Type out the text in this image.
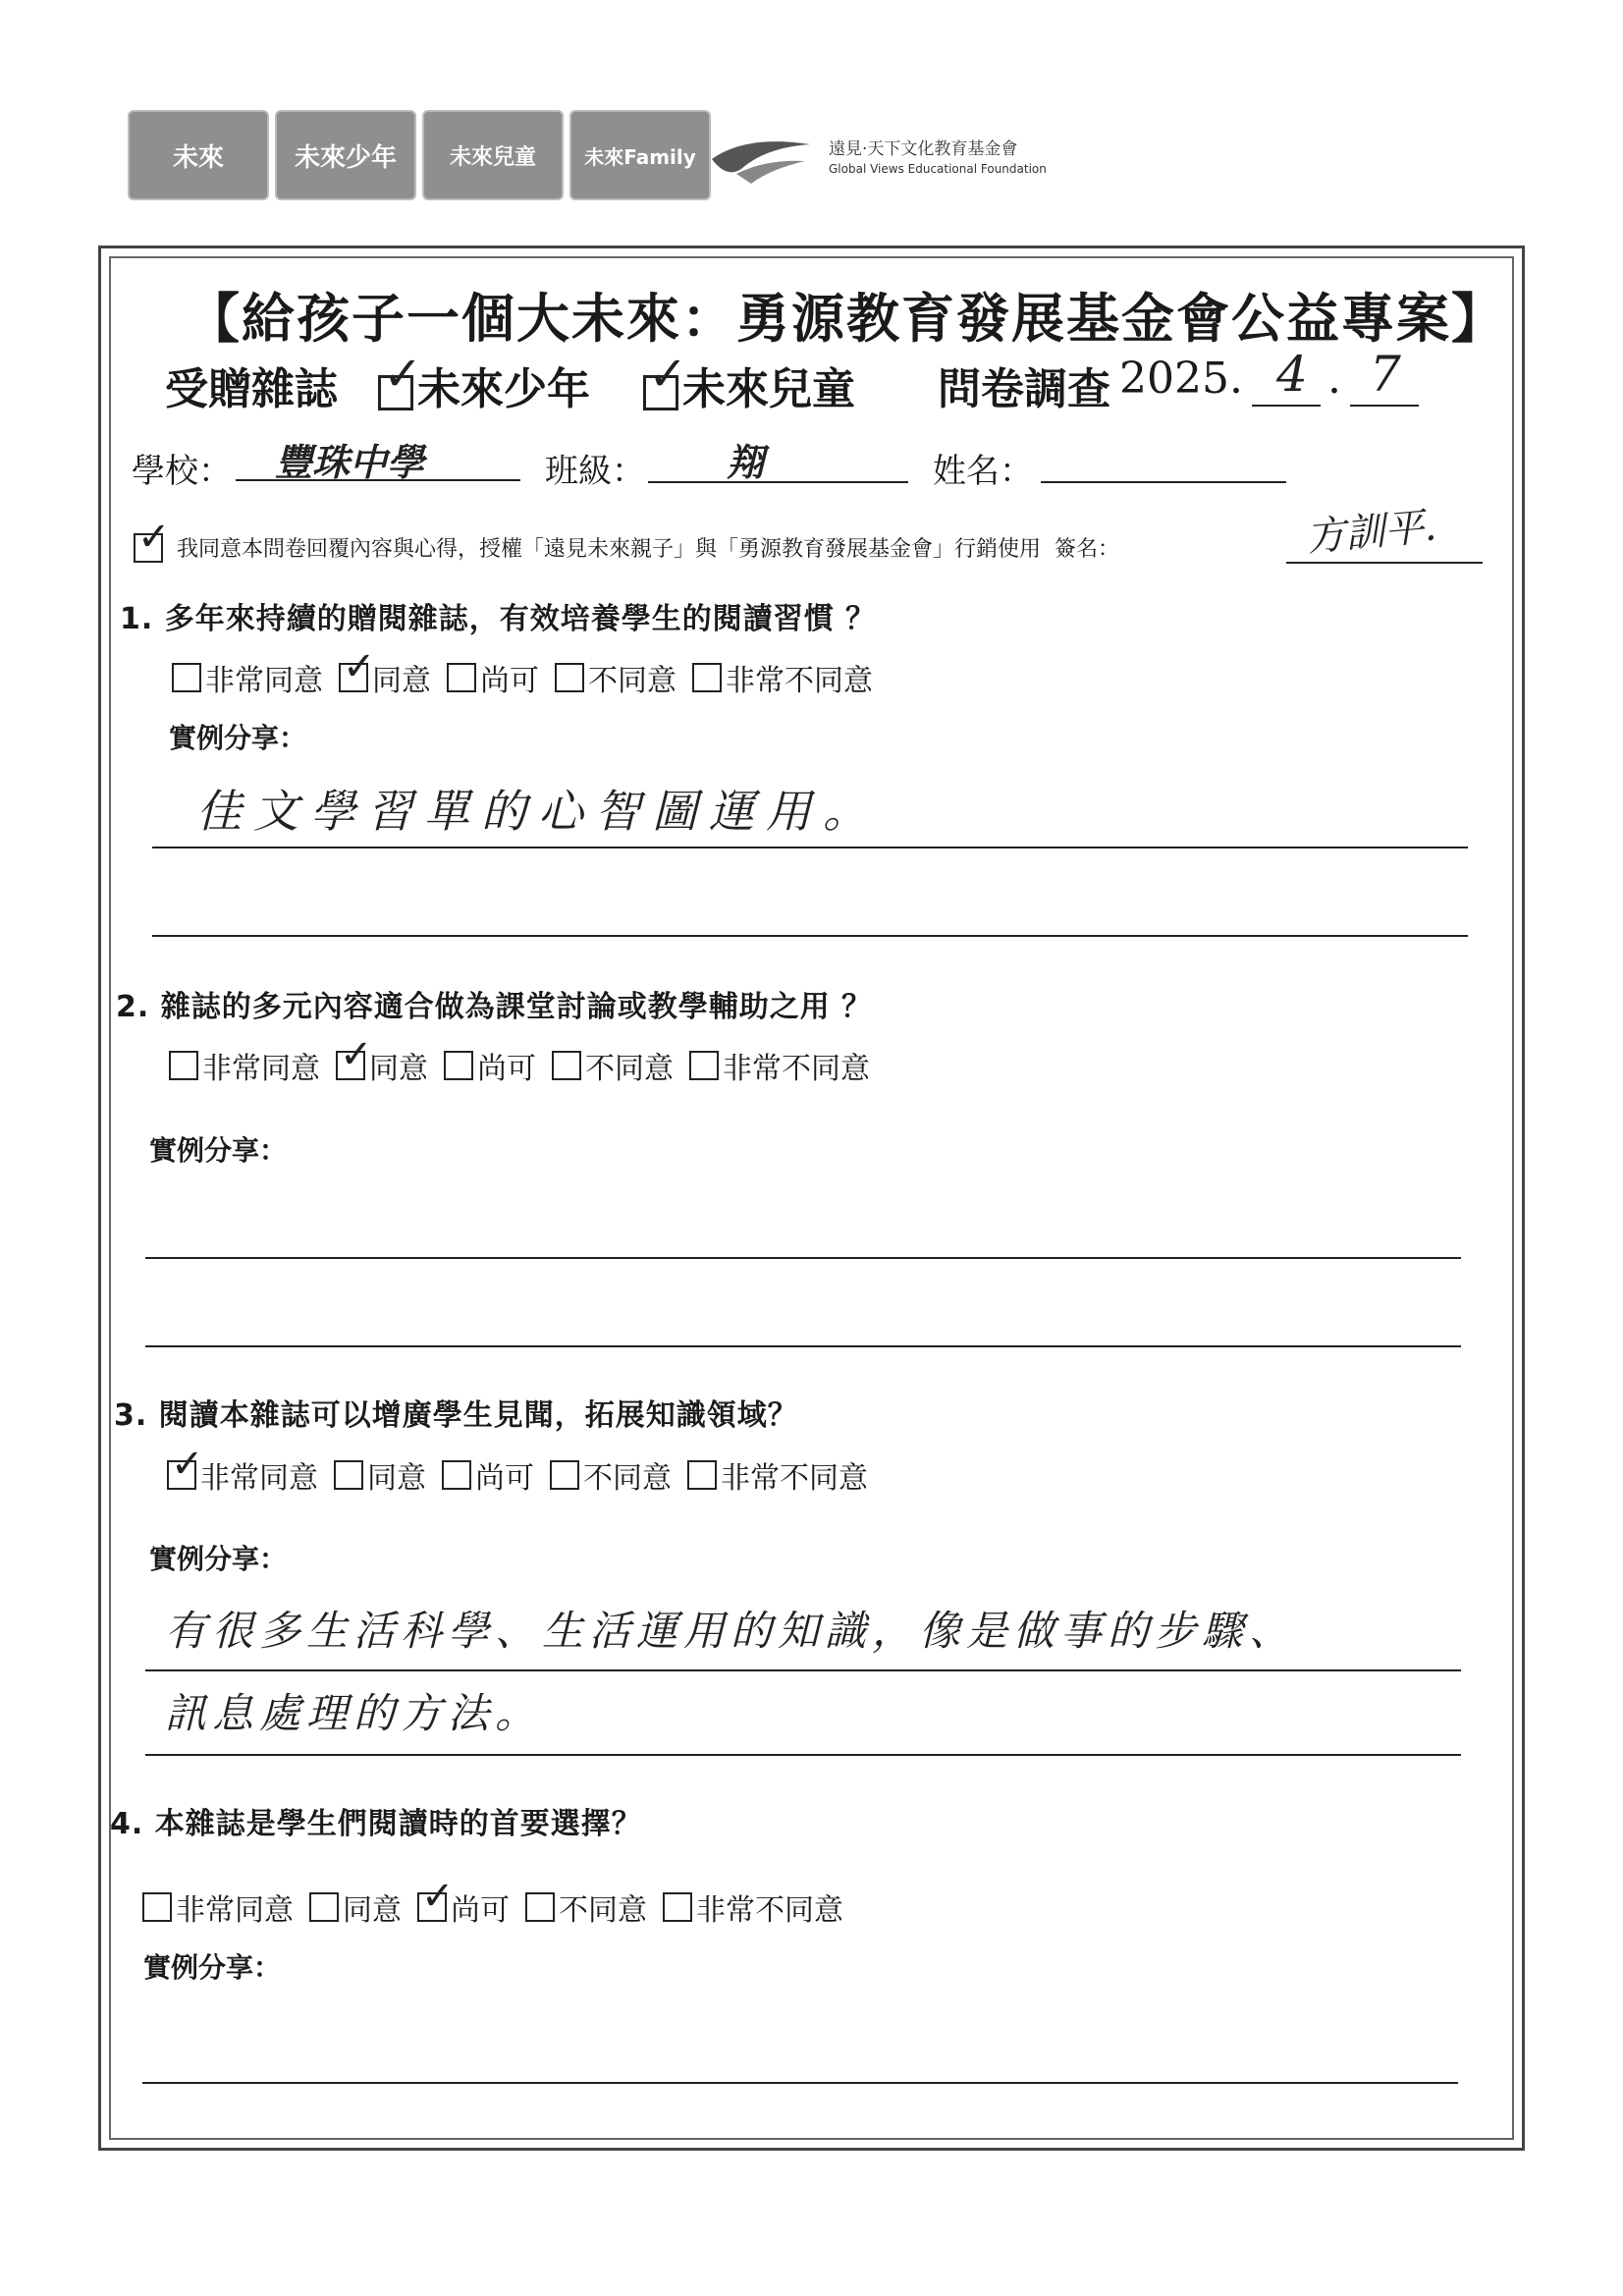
未來	未來少年	未來兒童	未來Family	遠見‧天下文化教育基金會
Global Views Educational Foundation
【給孩子一個大未來：勇源教育發展基金會公益專案】
受贈雜誌 ✓	未來少年 ✓	未來兒童 問卷調查 2025. 4 . 7
學校： 豐珠中學	班級： 翔	姓名：
✓
我同意本問卷回覆內容與心得，授權「遠見未來親子」與「勇源教育發展基金會」行銷使用 簽名：	方訓平.
1. 多年來持續的贈閱雜誌，有效培養學生的閱讀習慣 ？
非常同意 ✓ 同意 尚可 不同意 非常不同意
實例分享：
佳文學習單的心智圖運用。
2. 雜誌的多元內容適合做為課堂討論或教學輔助之用 ？
非常同意 ✓ 同意 尚可 不同意 非常不同意
實例分享：
3. 閱讀本雜誌可以增廣學生見聞，拓展知識領域？
✓
非常同意 同意 尚可 不同意 非常不同意
實例分享：
有很多生活科學、生活運用的知識，像是做事的步驟、
訊息處理的方法。
4. 本雜誌是學生們閱讀時的首要選擇？
非常同意 同意 ✓ 尚可 不同意 非常不同意
實例分享：
